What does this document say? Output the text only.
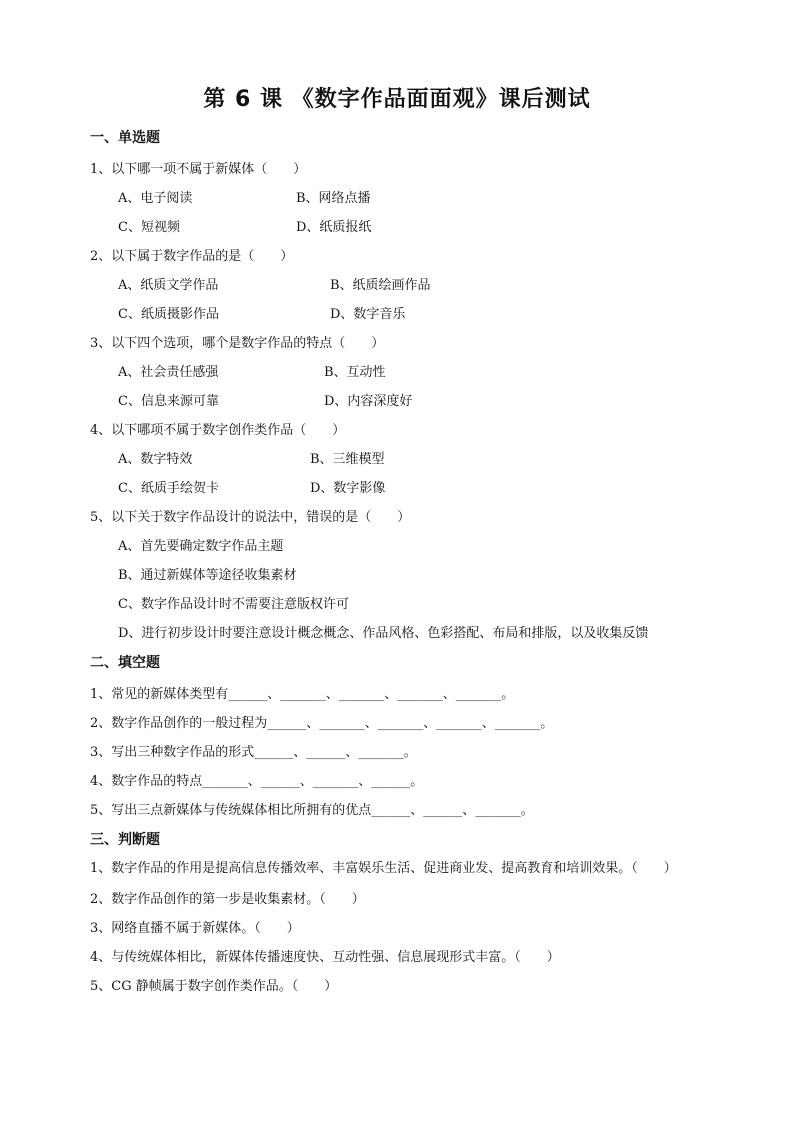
第 6 课 《数字作品面面观》课后测试
一、单选题
1、以下哪一项不属于新媒体（　　）
A、电子阅读	B、网络点播
C、短视频	D、纸质报纸
2、以下属于数字作品的是（　　）
A、纸质文学作品	B、纸质绘画作品
C、纸质摄影作品	D、数字音乐
3、以下四个选项，哪个是数字作品的特点（　　）
A、社会责任感强	B、互动性
C、信息来源可靠	D、内容深度好
4、以下哪项不属于数字创作类作品（　　）
A、数字特效	B、三维模型
C、纸质手绘贺卡	D、数字影像
5、以下关于数字作品设计的说法中，错误的是（　　）
A、首先要确定数字作品主题
B、通过新媒体等途径收集素材
C、数字作品设计时不需要注意版权许可
D、进行初步设计时要注意设计概念概念、作品风格、色彩搭配、布局和排版，以及收集反馈
二、填空题
1、常见的新媒体类型有______、_______、_______、_______、_______。
2、数字作品创作的一般过程为______、_______、_______、_______、_______。
3、写出三种数字作品的形式______、______、_______。
4、数字作品的特点_______、______、_______、______。
5、写出三点新媒体与传统媒体相比所拥有的优点______、______、_______。
三、判断题
1、数字作品的作用是提高信息传播效率、丰富娱乐生活、促进商业发、提高教育和培训效果。（　　）
2、数字作品创作的第一步是收集素材。（　　）
3、网络直播不属于新媒体。（　　）
4、与传统媒体相比，新媒体传播速度快、互动性强、信息展现形式丰富。（　　）
5、CG 静帧属于数字创作类作品。（　　）
